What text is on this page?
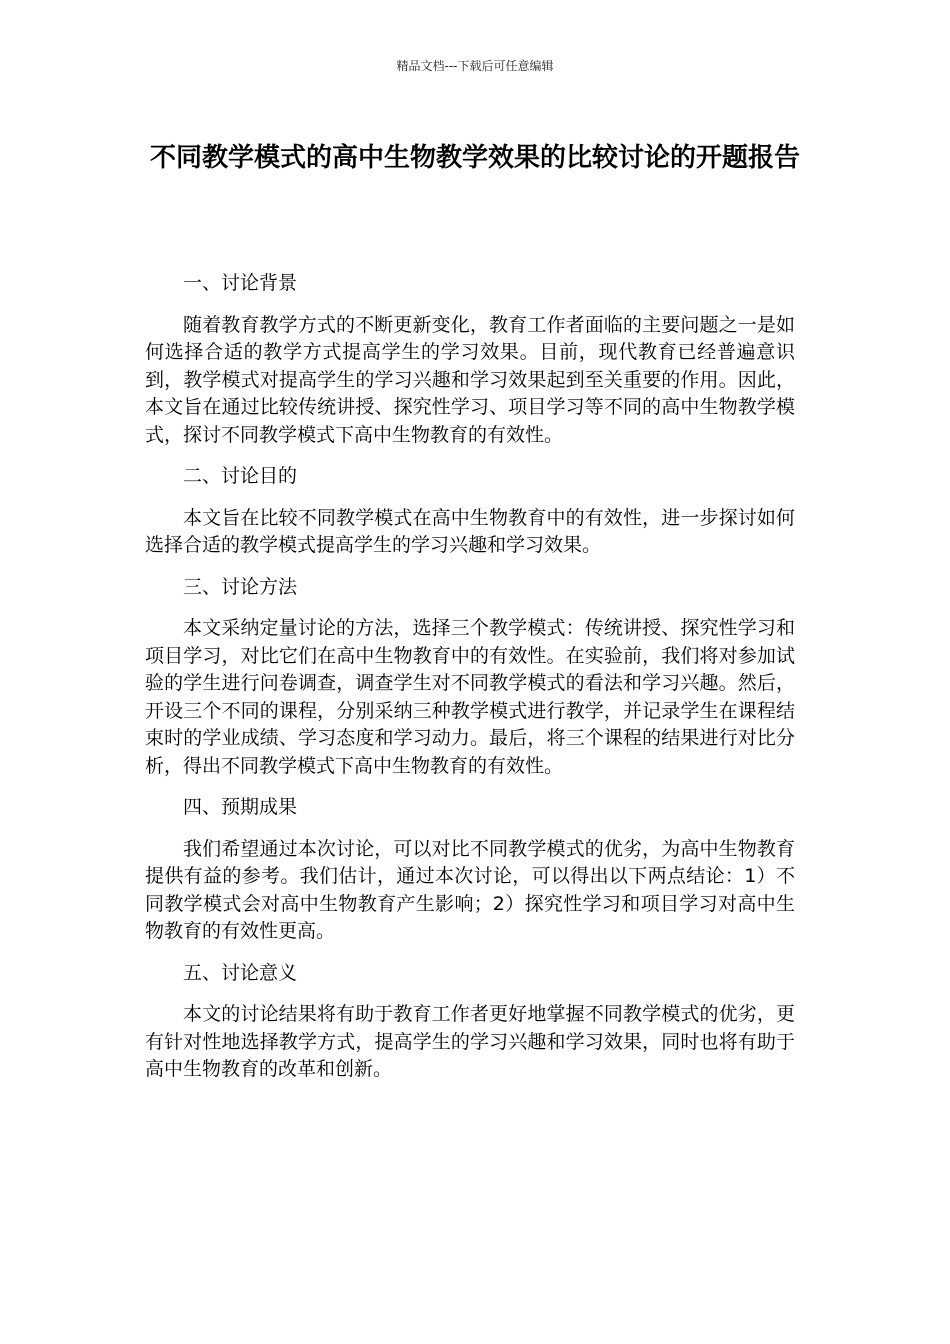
精品文档---下载后可任意编辑
不同教学模式的高中生物教学效果的比较讨论的开题报告

一、讨论背景

随着教育教学方式的不断更新变化，教育工作者面临的主要问题之一是如何选择合适的教学方式提高学生的学习效果。目前，现代教育已经普遍意识到，教学模式对提高学生的学习兴趣和学习效果起到至关重要的作用。因此，本文旨在通过比较传统讲授、探究性学习、项目学习等不同的高中生物教学模式，探讨不同教学模式下高中生物教育的有效性。

二、讨论目的

本文旨在比较不同教学模式在高中生物教育中的有效性，进一步探讨如何选择合适的教学模式提高学生的学习兴趣和学习效果。

三、讨论方法

本文采纳定量讨论的方法，选择三个教学模式：传统讲授、探究性学习和项目学习，对比它们在高中生物教育中的有效性。在实验前，我们将对参加试验的学生进行问卷调查，调查学生对不同教学模式的看法和学习兴趣。然后，开设三个不同的课程，分别采纳三种教学模式进行教学，并记录学生在课程结束时的学业成绩、学习态度和学习动力。最后，将三个课程的结果进行对比分析，得出不同教学模式下高中生物教育的有效性。

四、预期成果

我们希望通过本次讨论，可以对比不同教学模式的优劣，为高中生物教育提供有益的参考。我们估计，通过本次讨论，可以得出以下两点结论：1）不同教学模式会对高中生物教育产生影响；2）探究性学习和项目学习对高中生物教育的有效性更高。

五、讨论意义

本文的讨论结果将有助于教育工作者更好地掌握不同教学模式的优劣，更有针对性地选择教学方式，提高学生的学习兴趣和学习效果，同时也将有助于高中生物教育的改革和创新。
